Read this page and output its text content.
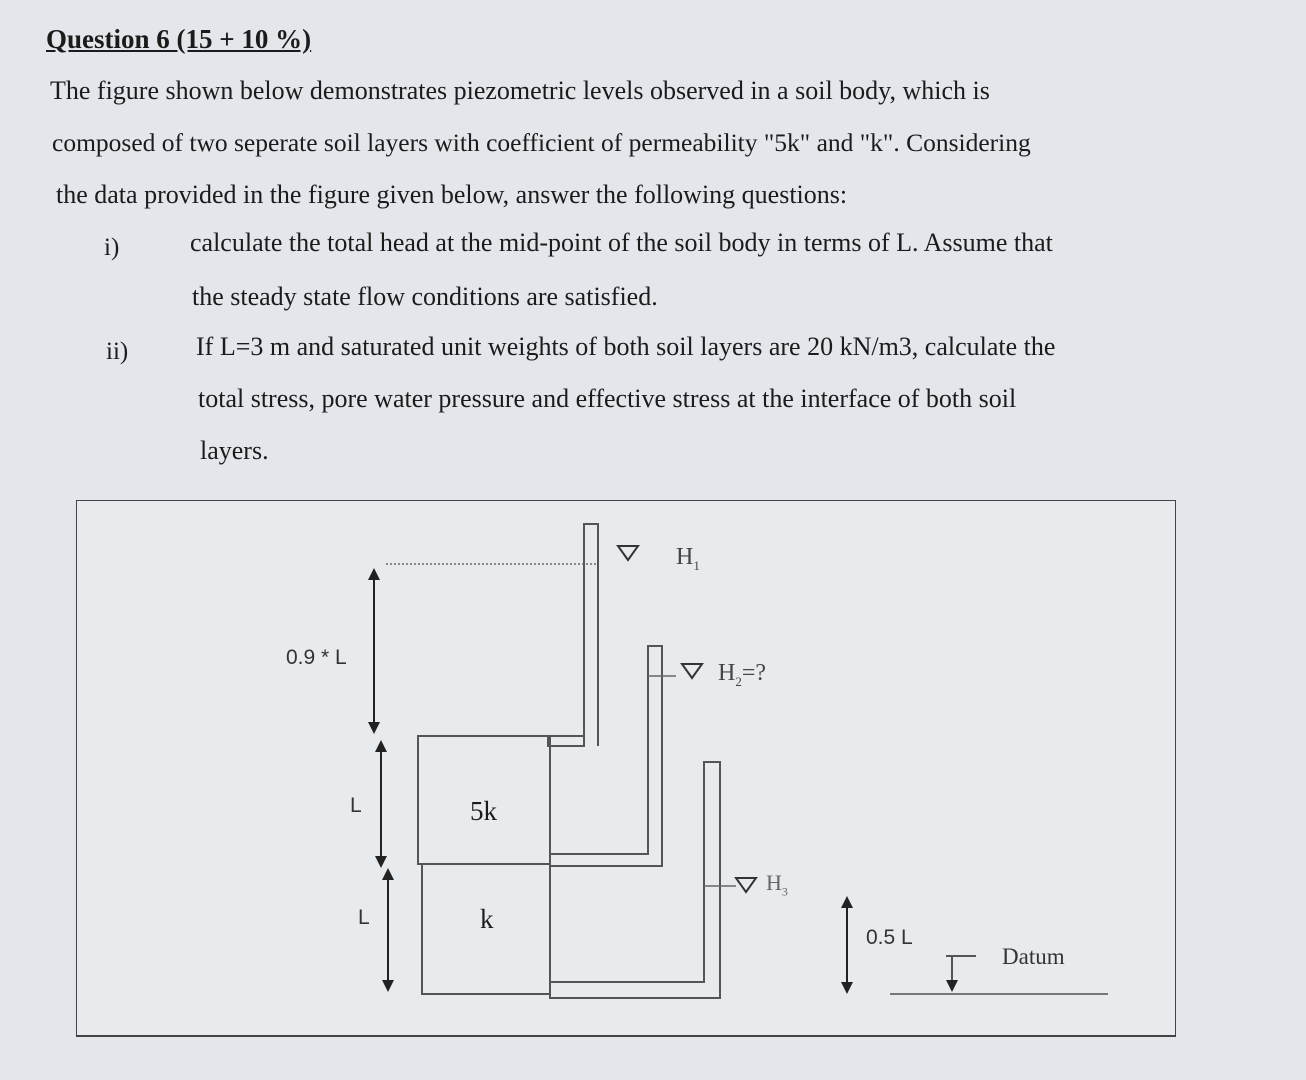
Question 6 (15 + 10 %)
The figure shown below demonstrates piezometric levels observed in a soil body, which is
composed of two seperate soil layers with coefficient of permeability "5k" and "k". Considering
the data provided in the figure given below, answer the following questions:
i)	calculate the total head at the mid-point of the soil body in terms of L. Assume that
the steady state flow conditions are satisfied.
ii)	If L=3 m and saturated unit weights of both soil layers are 20 kN/m3, calculate the
total stress, pore water pressure and effective stress at the interface of both soil
layers.
0.9 * L
L
L
5k
k
$H_1$
$H_2=$?
$H_3$
0.5 L
Datum
